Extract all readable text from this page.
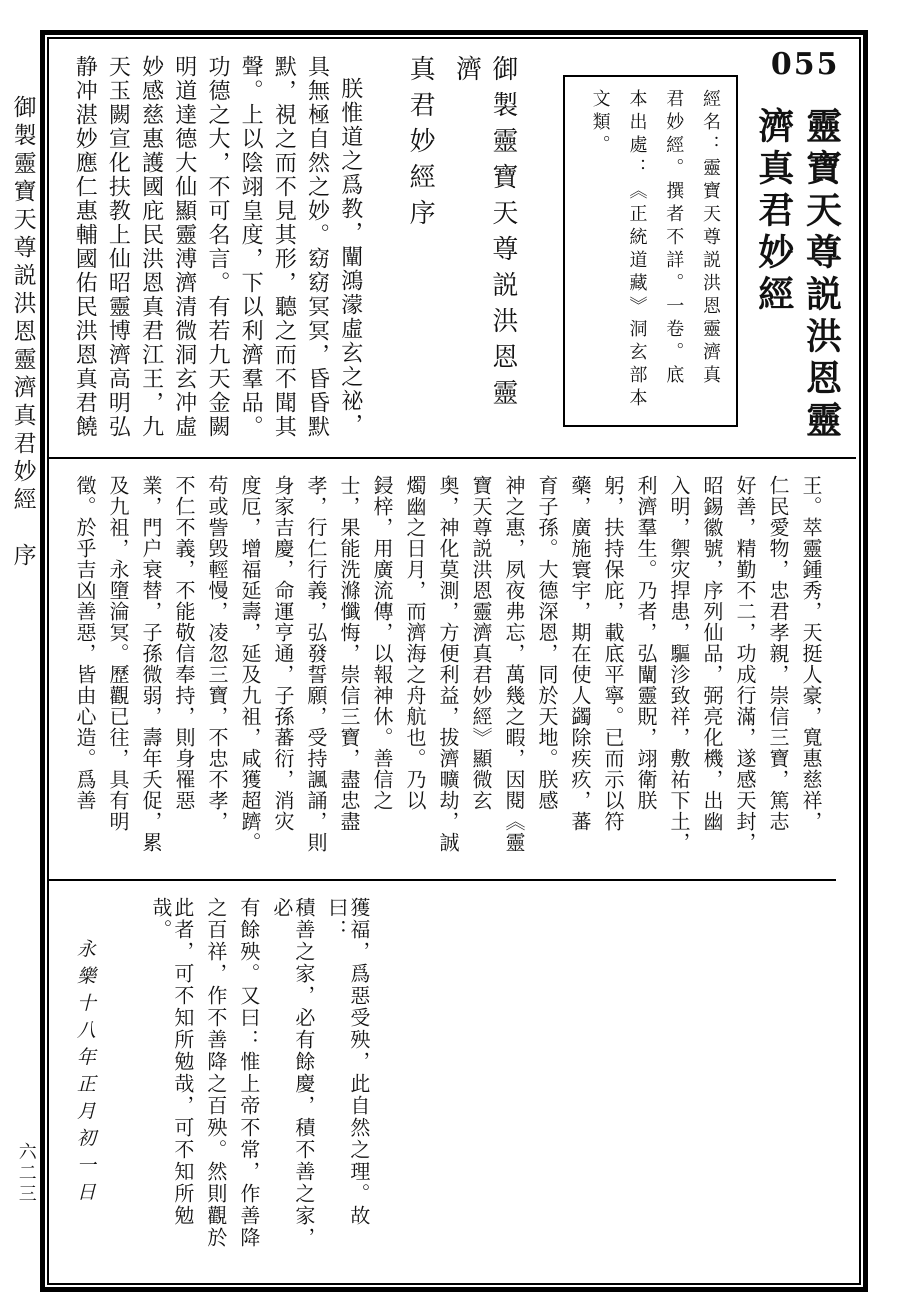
御製靈寶天尊説洪恩靈濟真君妙經　序
六二三
055
靈寶天尊説洪恩靈
濟真君妙經
經名：靈寶天尊説洪恩靈濟真
君妙經。撰者不詳。一卷。底
本出處：《正統道藏》洞玄部本
文類。
御製靈寶天尊説洪恩靈濟
真君妙經序
朕惟道之爲教，闡鴻濛虛玄之祕，
具無極自然之妙。窈窈冥冥，昏昏默
默，視之而不見其形，聽之而不聞其
聲。上以陰翊皇度，下以利濟羣品。
功德之大，不可名言。有若九天金闕
明道達德大仙顯靈溥濟清微洞玄冲虛
妙感慈惠護國庇民洪恩真君江王，九
天玉闕宣化扶教上仙昭靈博濟高明弘
静冲湛妙應仁惠輔國佑民洪恩真君饒
王。萃靈鍾秀，天挺人豪，寬惠慈祥，
仁民愛物，忠君孝親，崇信三寶，篤志
好善，精勤不二，功成行滿，遂感天封，
昭錫徽號，序列仙品，弼亮化機，出幽
入明，禦灾捍患，驅沴致祥，敷祐下土，
利濟羣生。乃者，弘闡靈貺，翊衛朕
躬，扶持保庇，載底平寧。已而示以符
藥，廣施寰宇，期在使人蠲除疾疚，蕃
育子孫。大德深恩，同於天地。朕感
神之惠，夙夜弗忘，萬幾之暇，因閱《靈
寶天尊説洪恩靈濟真君妙經》顯微玄
奥，神化莫測，方便利益，拔濟曠劫，誠
燭幽之日月，而濟海之舟航也。乃以
鋟梓，用廣流傳，以報神休。善信之
士，果能洗滌懺悔，崇信三寶，盡忠盡
孝，行仁行義，弘發誓願，受持諷誦，則
身家吉慶，命運亨通，子孫蕃衍，消灾
度厄，增福延壽，延及九祖，咸獲超躋。
苟或訾毁輕慢，凌忽三寶，不忠不孝，
不仁不義，不能敬信奉持，則身罹惡
業，門户衰替，子孫微弱，壽年夭促，累
及九祖，永墮淪冥。歷觀已往，具有明
徵。於乎吉凶善惡，皆由心造。爲善
獲福，爲惡受殃，此自然之理。故曰：
積善之家，必有餘慶，積不善之家，必
有餘殃。又曰：惟上帝不常，作善降
之百祥，作不善降之百殃。然則觀於
此者，可不知所勉哉，可不知所勉哉。
永樂十八年正月初一日
